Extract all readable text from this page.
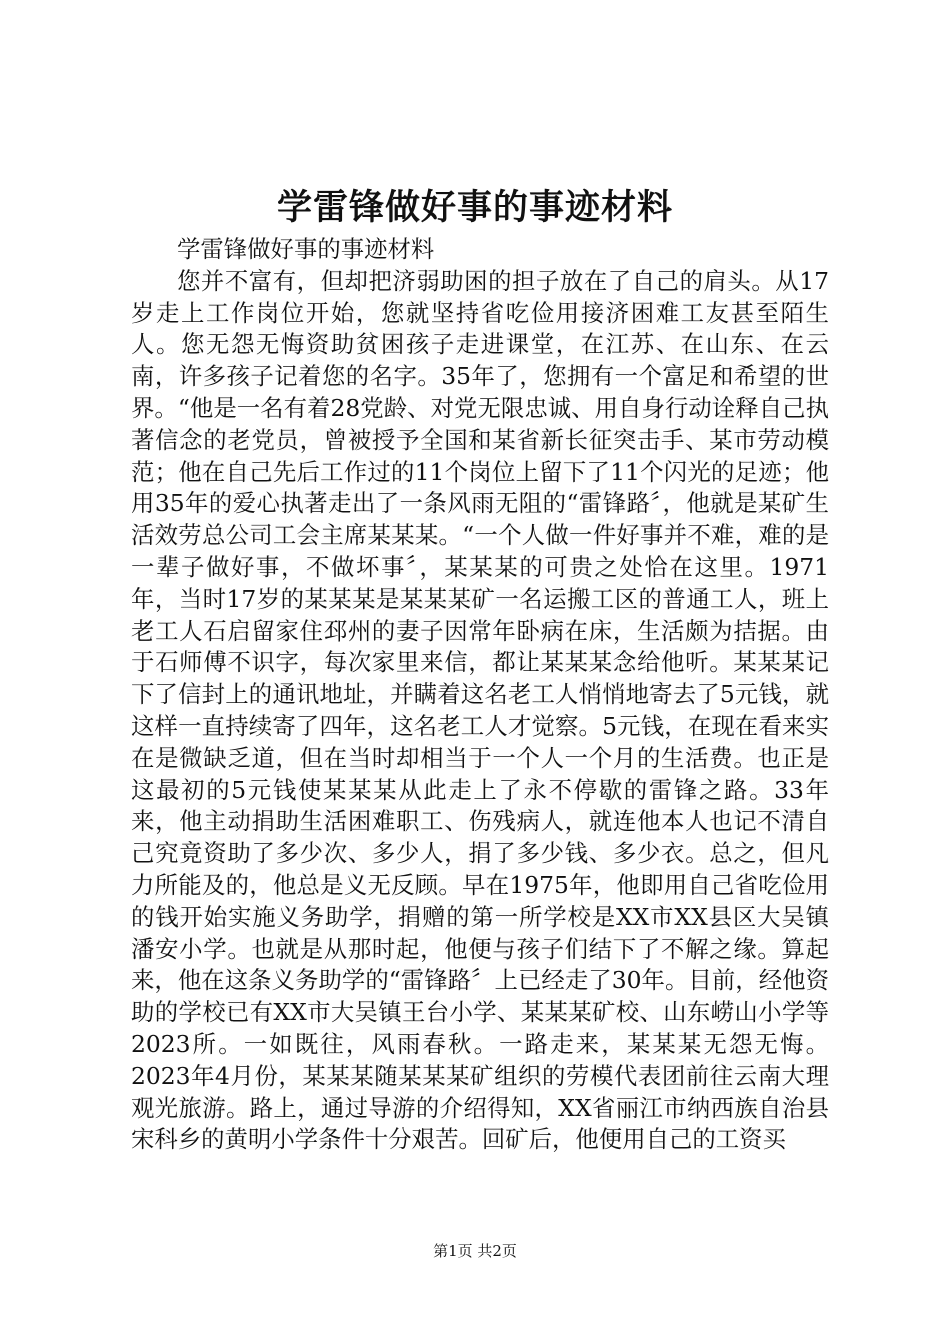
学雷锋做好事的事迹材料

学雷锋做好事的事迹材料

您并不富有，但却把济弱助困的担子放在了自己的肩头。从17岁走上工作岗位开始，您就坚持省吃俭用接济困难工友甚至陌生人。您无怨无悔资助贫困孩子走进课堂，在江苏、在山东、在云南，许多孩子记着您的名字。35年了，您拥有一个富足和希望的世界。“他是一名有着28党龄、对党无限忠诚、用自身行动诠释自己执著信念的老党员，曾被授予全国和某省新长征突击手、某市劳动模范；他在自己先后工作过的11个岗位上留下了11个闪光的足迹；他用35年的爱心执著走出了一条风雨无阻的“雷锋路〞，他就是某矿生活效劳总公司工会主席某某某。“一个人做一件好事并不难，难的是一辈子做好事，不做坏事〞，某某某的可贵之处恰在这里。1971年，当时17岁的某某某是某某某矿一名运搬工区的普通工人，班上老工人石启留家住邳州的妻子因常年卧病在床，生活颇为拮据。由于石师傅不识字，每次家里来信，都让某某某念给他听。某某某记下了信封上的通讯地址，并瞒着这名老工人悄悄地寄去了5元钱，就这样一直持续寄了四年，这名老工人才觉察。5元钱，在现在看来实在是微缺乏道，但在当时却相当于一个人一个月的生活费。也正是这最初的5元钱使某某某从此走上了永不停歇的雷锋之路。33年来，他主动捐助生活困难职工、伤残病人，就连他本人也记不清自己究竟资助了多少次、多少人，捐了多少钱、多少衣。总之，但凡力所能及的，他总是义无反顾。早在1975年，他即用自己省吃俭用的钱开始实施义务助学，捐赠的第一所学校是XX市XX县区大吴镇潘安小学。也就是从那时起，他便与孩子们结下了不解之缘。算起来，他在这条义务助学的“雷锋路〞上已经走了30年。目前，经他资助的学校已有XX市大吴镇王台小学、某某某矿校、山东崂山小学等2023所。一如既往，风雨春秋。一路走来，某某某无怨无悔。2023年4月份，某某某随某某某矿组织的劳模代表团前往云南大理观光旅游。路上，通过导游的介绍得知，XX省丽江市纳西族自治县宋科乡的黄明小学条件十分艰苦。回矿后，他便用自己的工资买

第1页 共2页
